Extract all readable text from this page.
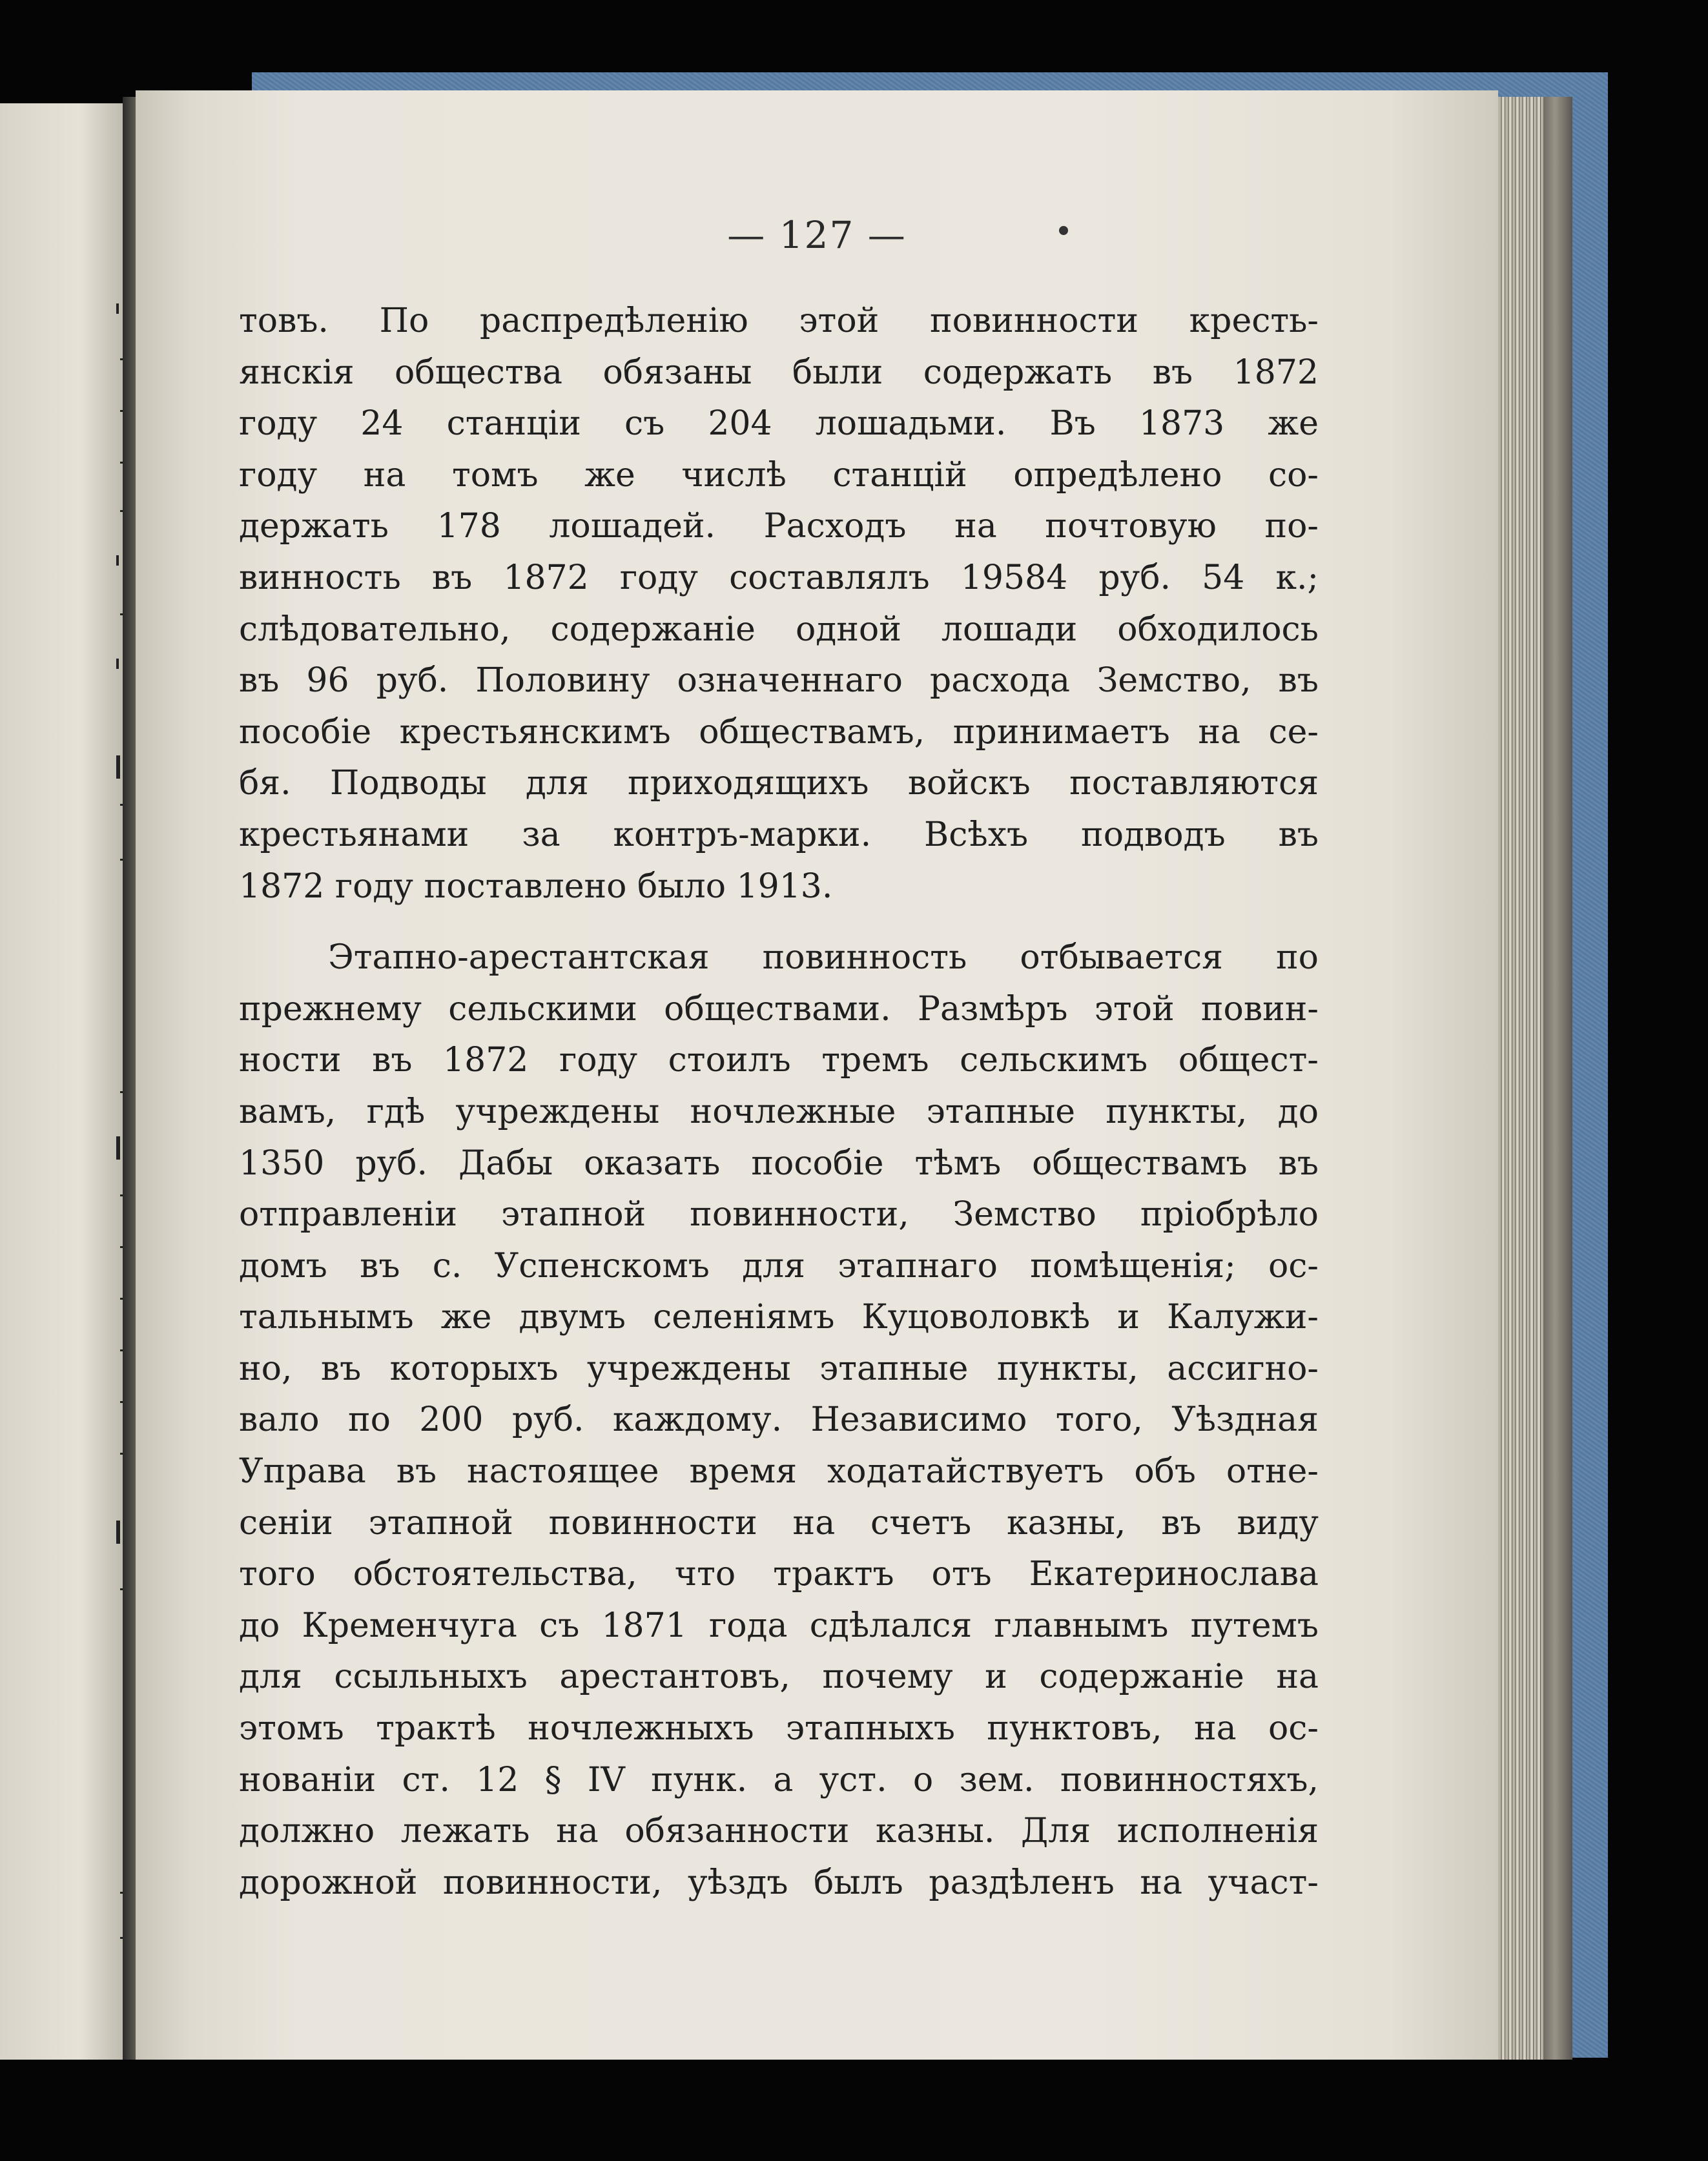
— 127 —
товъ. По распредѣленію этой повинности кресть-
янскія общества обязаны были содержать въ 1872
году 24 станціи съ 204 лошадьми. Въ 1873 же
году на томъ же числѣ станцій опредѣлено со-
держать 178 лошадей. Расходъ на почтовую по-
винность въ 1872 году составлялъ 19584 руб. 54 к.;
слѣдовательно, содержаніе одной лошади обходилось
въ 96 руб. Половину означеннаго расхода Земство, въ
пособіе крестьянскимъ обществамъ, принимаетъ на се-
бя. Подводы для приходящихъ войскъ поставляются
крестьянами за контръ-марки. Всѣхъ подводъ въ
1872 году поставлено было 1913.
Этапно-арестантская повинность отбывается по
прежнему сельскими обществами. Размѣръ этой повин-
ности въ 1872 году стоилъ тремъ сельскимъ общест-
вамъ, гдѣ учреждены ночлежные этапные пункты, до
1350 руб. Дабы оказать пособіе тѣмъ обществамъ въ
отправленіи этапной повинности, Земство пріобрѣло
домъ въ с. Успенскомъ для этапнаго помѣщенія; ос-
тальнымъ же двумъ селеніямъ Куцоволовкѣ и Калужи-
но, въ которыхъ учреждены этапные пункты, ассигно-
вало по 200 руб. каждому. Независимо того, Уѣздная
Управа въ настоящее время ходатайствуетъ объ отне-
сеніи этапной повинности на счетъ казны, въ виду
того обстоятельства, что трактъ отъ Екатеринослава
до Кременчуга съ 1871 года сдѣлался главнымъ путемъ
для ссыльныхъ арестантовъ, почему и содержаніе на
этомъ трактѣ ночлежныхъ этапныхъ пунктовъ, на ос-
нованіи ст. 12 § IV пунк. а уст. о зем. повинностяхъ,
должно лежать на обязанности казны. Для исполненія
дорожной повинности, уѣздъ былъ раздѣленъ на участ-
